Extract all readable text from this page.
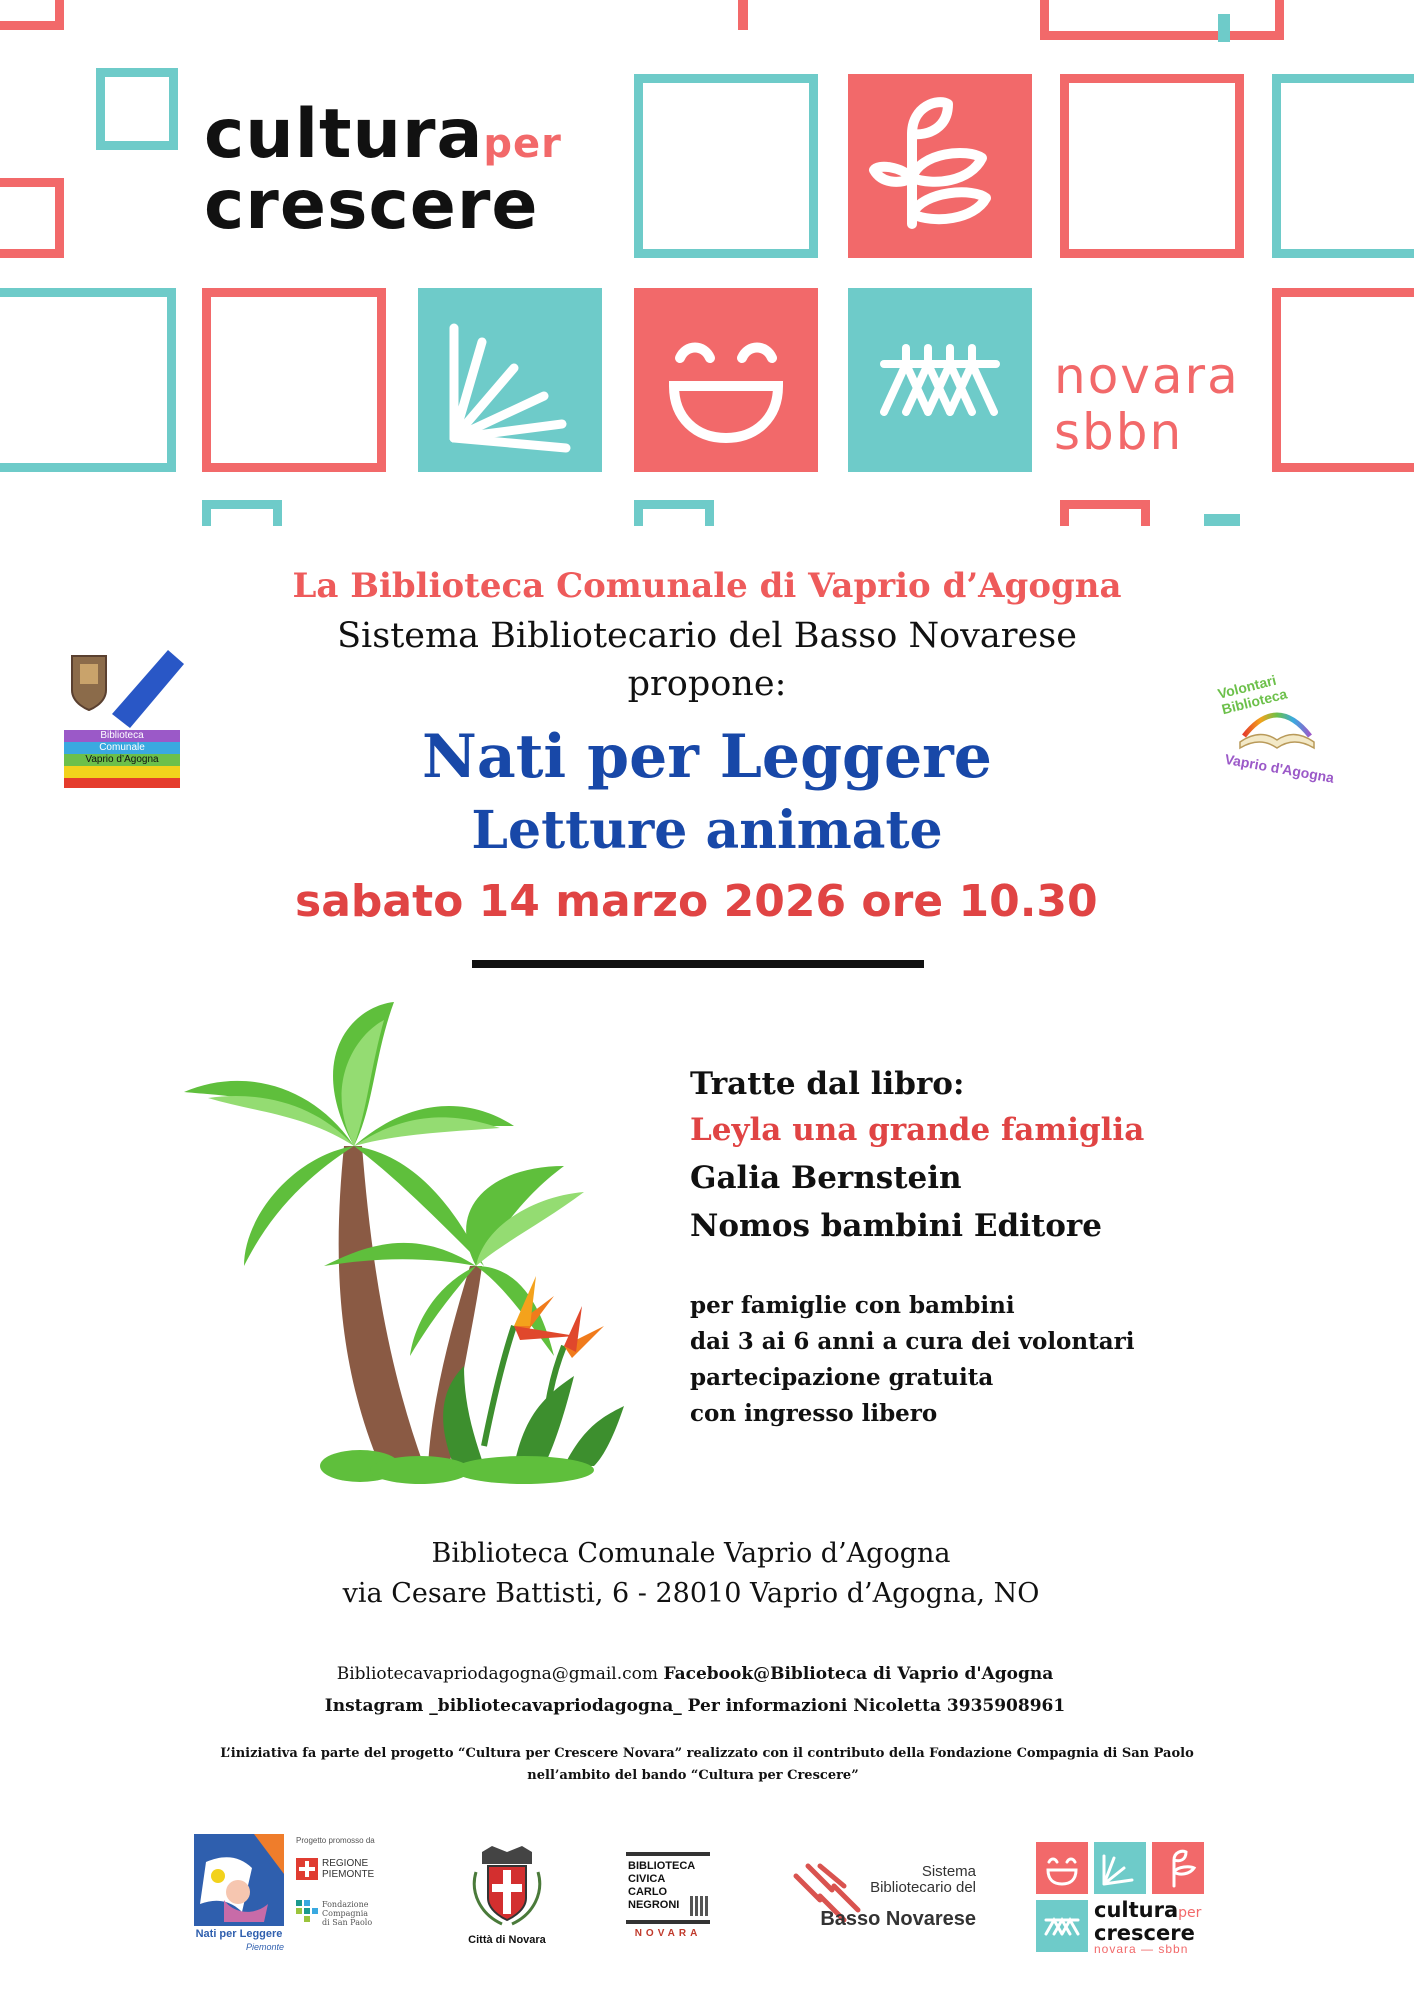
culturaper
crescere
novara
sbbn
Biblioteca
Comunale
Vaprio d’Agogna
Volontari Biblioteca
Vaprio d'Agogna
La Biblioteca Comunale di Vaprio d’Agogna
Sistema Bibliotecario del Basso Novarese
propone:
Nati per Leggere
Letture animate
sabato 14 marzo 2026 ore 10.30
Tratte dal libro:
Leyla una grande famiglia
Galia Bernstein
Nomos bambini Editore
per famiglie con bambini
dai 3 ai 6 anni a cura dei volontari
partecipazione gratuita
con ingresso libero
Biblioteca Comunale Vaprio d’Agogna
via Cesare Battisti, 6 - 28010 Vaprio d’Agogna, NO
Bibliotecavapriodagogna@gmail.com Facebook@Biblioteca di Vaprio d'Agogna
Instagram _bibliotecavapriodagogna_ Per informazioni Nicoletta 3935908961
L’iniziativa fa parte del progetto “Cultura per Crescere Novara” realizzato con il contributo della Fondazione Compagnia di San Paolo
nell’ambito del bando “Cultura per Crescere”
Nati per Leggere
Piemonte
Progetto promosso da
REGIONE
PIEMONTE
Fondazione
Compagnia
di San Paolo
Città di Novara
BIBLIOTECA
CIVICA
CARLO
NEGRONI
NOVARA
Sistema
Bibliotecario del
Basso Novarese	culturaper
crescere
novara — sbbn
